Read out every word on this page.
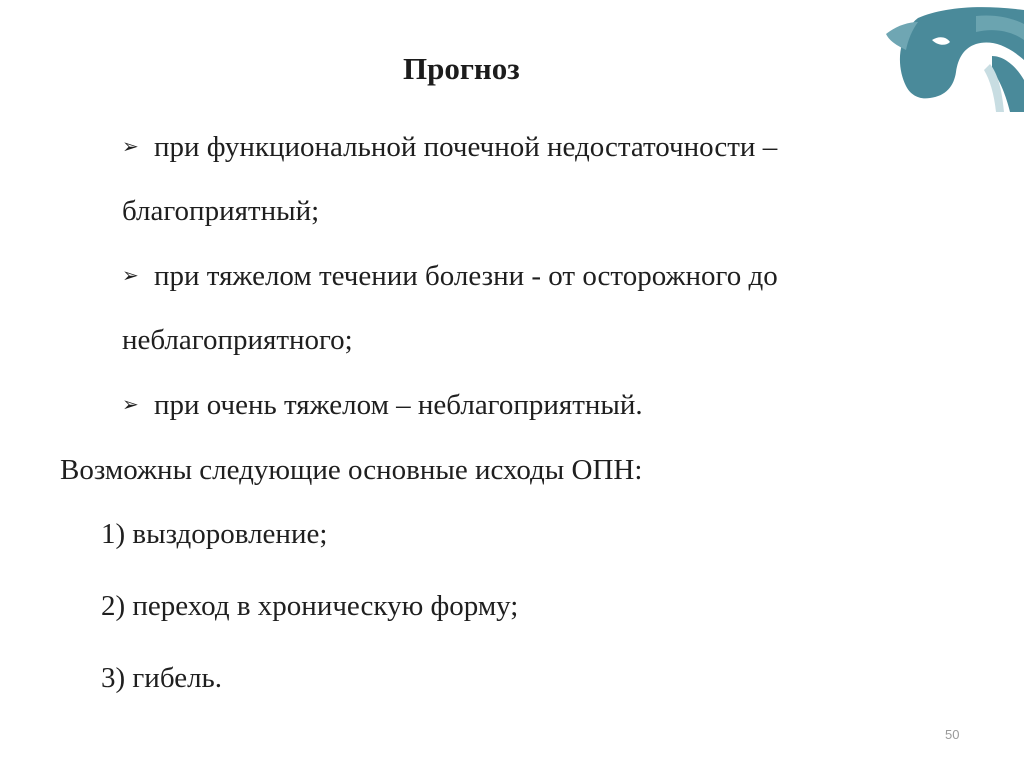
Прогноз
➢ при функциональной почечной недостаточности – благоприятный;
➢ при тяжелом течении болезни - от осторожного до неблагоприятного;
➢ при очень тяжелом – неблагоприятный.

Возможны следующие основные исходы ОПН:

1) выздоровление;
2) переход в хроническую форму;
3) гибель.
50
